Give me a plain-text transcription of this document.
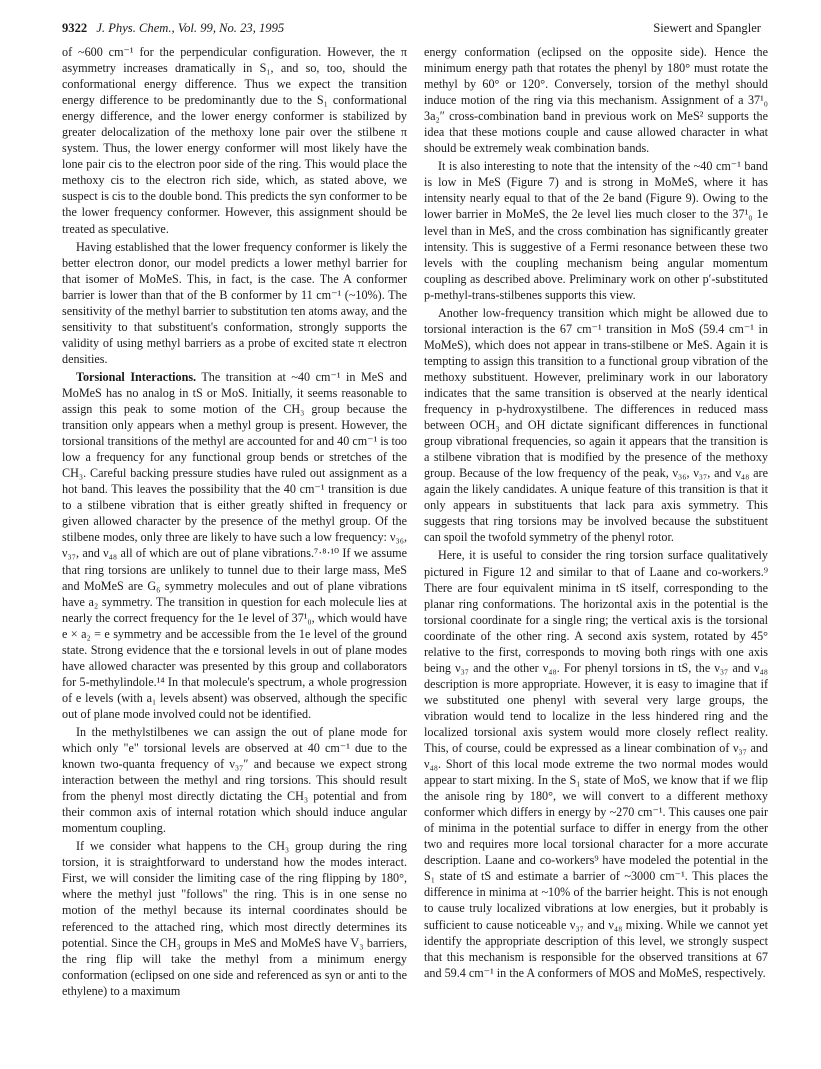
9322 J. Phys. Chem., Vol. 99, No. 23, 1995	Siewert and Spangler

of ~600 cm⁻¹ for the perpendicular configuration. However, the π asymmetry increases dramatically in S₁, and so, too, should the conformational energy difference. Thus we expect the transition energy difference to be predominantly due to the S₁ conformational energy difference, and the lower energy conformer is stabilized by greater delocalization of the methoxy lone pair over the stilbene π system. Thus, the lower energy conformer will most likely have the lone pair cis to the electron poor side of the ring. This would place the methoxy cis to the electron rich side, which, as stated above, we suspect is cis to the double bond. This predicts the syn conformer to be the lower frequency conformer. However, this assignment should be treated as speculative.

Having established that the lower frequency conformer is likely the better electron donor, our model predicts a lower methyl barrier for that isomer of MoMeS. This, in fact, is the case. The A conformer barrier is lower than that of the B conformer by 11 cm⁻¹ (~10%). The sensitivity of the methyl barrier to substitution ten atoms away, and the sensitivity to that substituent's conformation, strongly supports the validity of using methyl barriers as a probe of excited state π electron densities.

Torsional Interactions. The transition at ~40 cm⁻¹ in MeS and MoMeS has no analog in tS or MoS. Initially, it seems reasonable to assign this peak to some motion of the CH₃ group because the transition only appears when a methyl group is present. However, the torsional transitions of the methyl are accounted for and 40 cm⁻¹ is too low a frequency for any functional group bends or stretches of the CH₃. Careful backing pressure studies have ruled out assignment as a hot band. This leaves the possibility that the 40 cm⁻¹ transition is due to a stilbene vibration that is either greatly shifted in frequency or given allowed character by the presence of the methyl group. Of the stilbene modes, only three are likely to have such a low frequency: ν₃₆, ν₃₇, and ν₄₈ all of which are out of plane vibrations.⁷·⁸·¹⁰ If we assume that ring torsions are unlikely to tunnel due to their large mass, MeS and MoMeS are G₆ symmetry molecules and out of plane vibrations have a₂ symmetry. The transition in question for each molecule lies at nearly the correct frequency for the 1e level of 37¹₀, which would have e × a₂ = e symmetry and be accessible from the 1e level of the ground state. Strong evidence that the e torsional levels in out of plane modes have allowed character was presented by this group and collaborators for 5-methylindole.¹⁴ In that molecule's spectrum, a whole progression of e levels (with a₁ levels absent) was observed, although the specific out of plane mode involved could not be identified.

In the methylstilbenes we can assign the out of plane mode for which only "e" torsional levels are observed at 40 cm⁻¹ due to the known two-quanta frequency of ν₃₇″ and because we expect strong interaction between the methyl and ring torsions. This should result from the phenyl most directly dictating the CH₃ potential and from their common axis of internal rotation which should induce angular momentum coupling.

If we consider what happens to the CH₃ group during the ring torsion, it is straightforward to understand how the modes interact. First, we will consider the limiting case of the ring flipping by 180°, where the methyl just "follows" the ring. This is in one sense no motion of the methyl because its internal coordinates should be referenced to the attached ring, which most directly determines its potential. Since the CH₃ groups in MeS and MoMeS have V₃ barriers, the ring flip will take the methyl from a minimum energy conformation (eclipsed on one side and referenced as syn or anti to the ethylene) to a maximum

energy conformation (eclipsed on the opposite side). Hence the minimum energy path that rotates the phenyl by 180° must rotate the methyl by 60° or 120°. Conversely, torsion of the methyl should induce motion of the ring via this mechanism. Assignment of a 37¹₀ 3a₂″ cross-combination band in previous work on MeS² supports the idea that these motions couple and cause allowed character in what should be extremely weak combination bands.

It is also interesting to note that the intensity of the ~40 cm⁻¹ band is low in MeS (Figure 7) and is strong in MoMeS, where it has intensity nearly equal to that of the 2e band (Figure 9). Owing to the lower barrier in MoMeS, the 2e level lies much closer to the 37¹₀ 1e level than in MeS, and the cross combination has significantly greater intensity. This is suggestive of a Fermi resonance between these two levels with the coupling mechanism being angular momentum coupling as described above. Preliminary work on other p′-substituted p-methyl-trans-stilbenes supports this view.

Another low-frequency transition which might be allowed due to torsional interaction is the 67 cm⁻¹ transition in MoS (59.4 cm⁻¹ in MoMeS), which does not appear in trans-stilbene or MeS. Again it is tempting to assign this transition to a functional group vibration of the methoxy substituent. However, preliminary work in our laboratory indicates that the same transition is observed at the nearly identical frequency in p-hydroxystilbene. The differences in reduced mass between OCH₃ and OH dictate significant differences in functional group vibrational frequencies, so again it appears that the transition is a stilbene vibration that is modified by the presence of the methoxy group. Because of the low frequency of the peak, ν₃₆, ν₃₇, and ν₄₈ are again the likely candidates. A unique feature of this transition is that it only appears in substituents that lack para axis symmetry. This suggests that ring torsions may be involved because the substituent can spoil the twofold symmetry of the phenyl rotor.

Here, it is useful to consider the ring torsion surface qualitatively pictured in Figure 12 and similar to that of Laane and co-workers.⁹ There are four equivalent minima in tS itself, corresponding to the planar ring conformations. The horizontal axis in the potential is the torsional coordinate for a single ring; the vertical axis is the torsional coordinate of the other ring. A second axis system, rotated by 45° relative to the first, corresponds to moving both rings with one axis being ν₃₇ and the other ν₄₈. For phenyl torsions in tS, the ν₃₇ and ν₄₈ description is more appropriate. However, it is easy to imagine that if we substituted one phenyl with several very large groups, the vibration would tend to localize in the less hindered ring and the localized torsional axis system would more closely reflect reality. This, of course, could be expressed as a linear combination of ν₃₇ and ν₄₈. Short of this local mode extreme the two normal modes would appear to start mixing. In the S₁ state of MoS, we know that if we flip the anisole ring by 180°, we will convert to a different methoxy conformer which differs in energy by ~270 cm⁻¹. This causes one pair of minima in the potential surface to differ in energy from the other two and requires more local torsional character for a more accurate description. Laane and co-workers⁹ have modeled the potential in the S₁ state of tS and estimate a barrier of ~3000 cm⁻¹. This places the difference in minima at ~10% of the barrier height. This is not enough to cause truly localized vibrations at low energies, but it probably is sufficient to cause noticeable ν₃₇ and ν₄₈ mixing. While we cannot yet identify the appropriate description of this level, we strongly suspect that this mechanism is responsible for the observed transitions at 67 and 59.4 cm⁻¹ in the A conformers of MOS and MoMeS, respectively.
